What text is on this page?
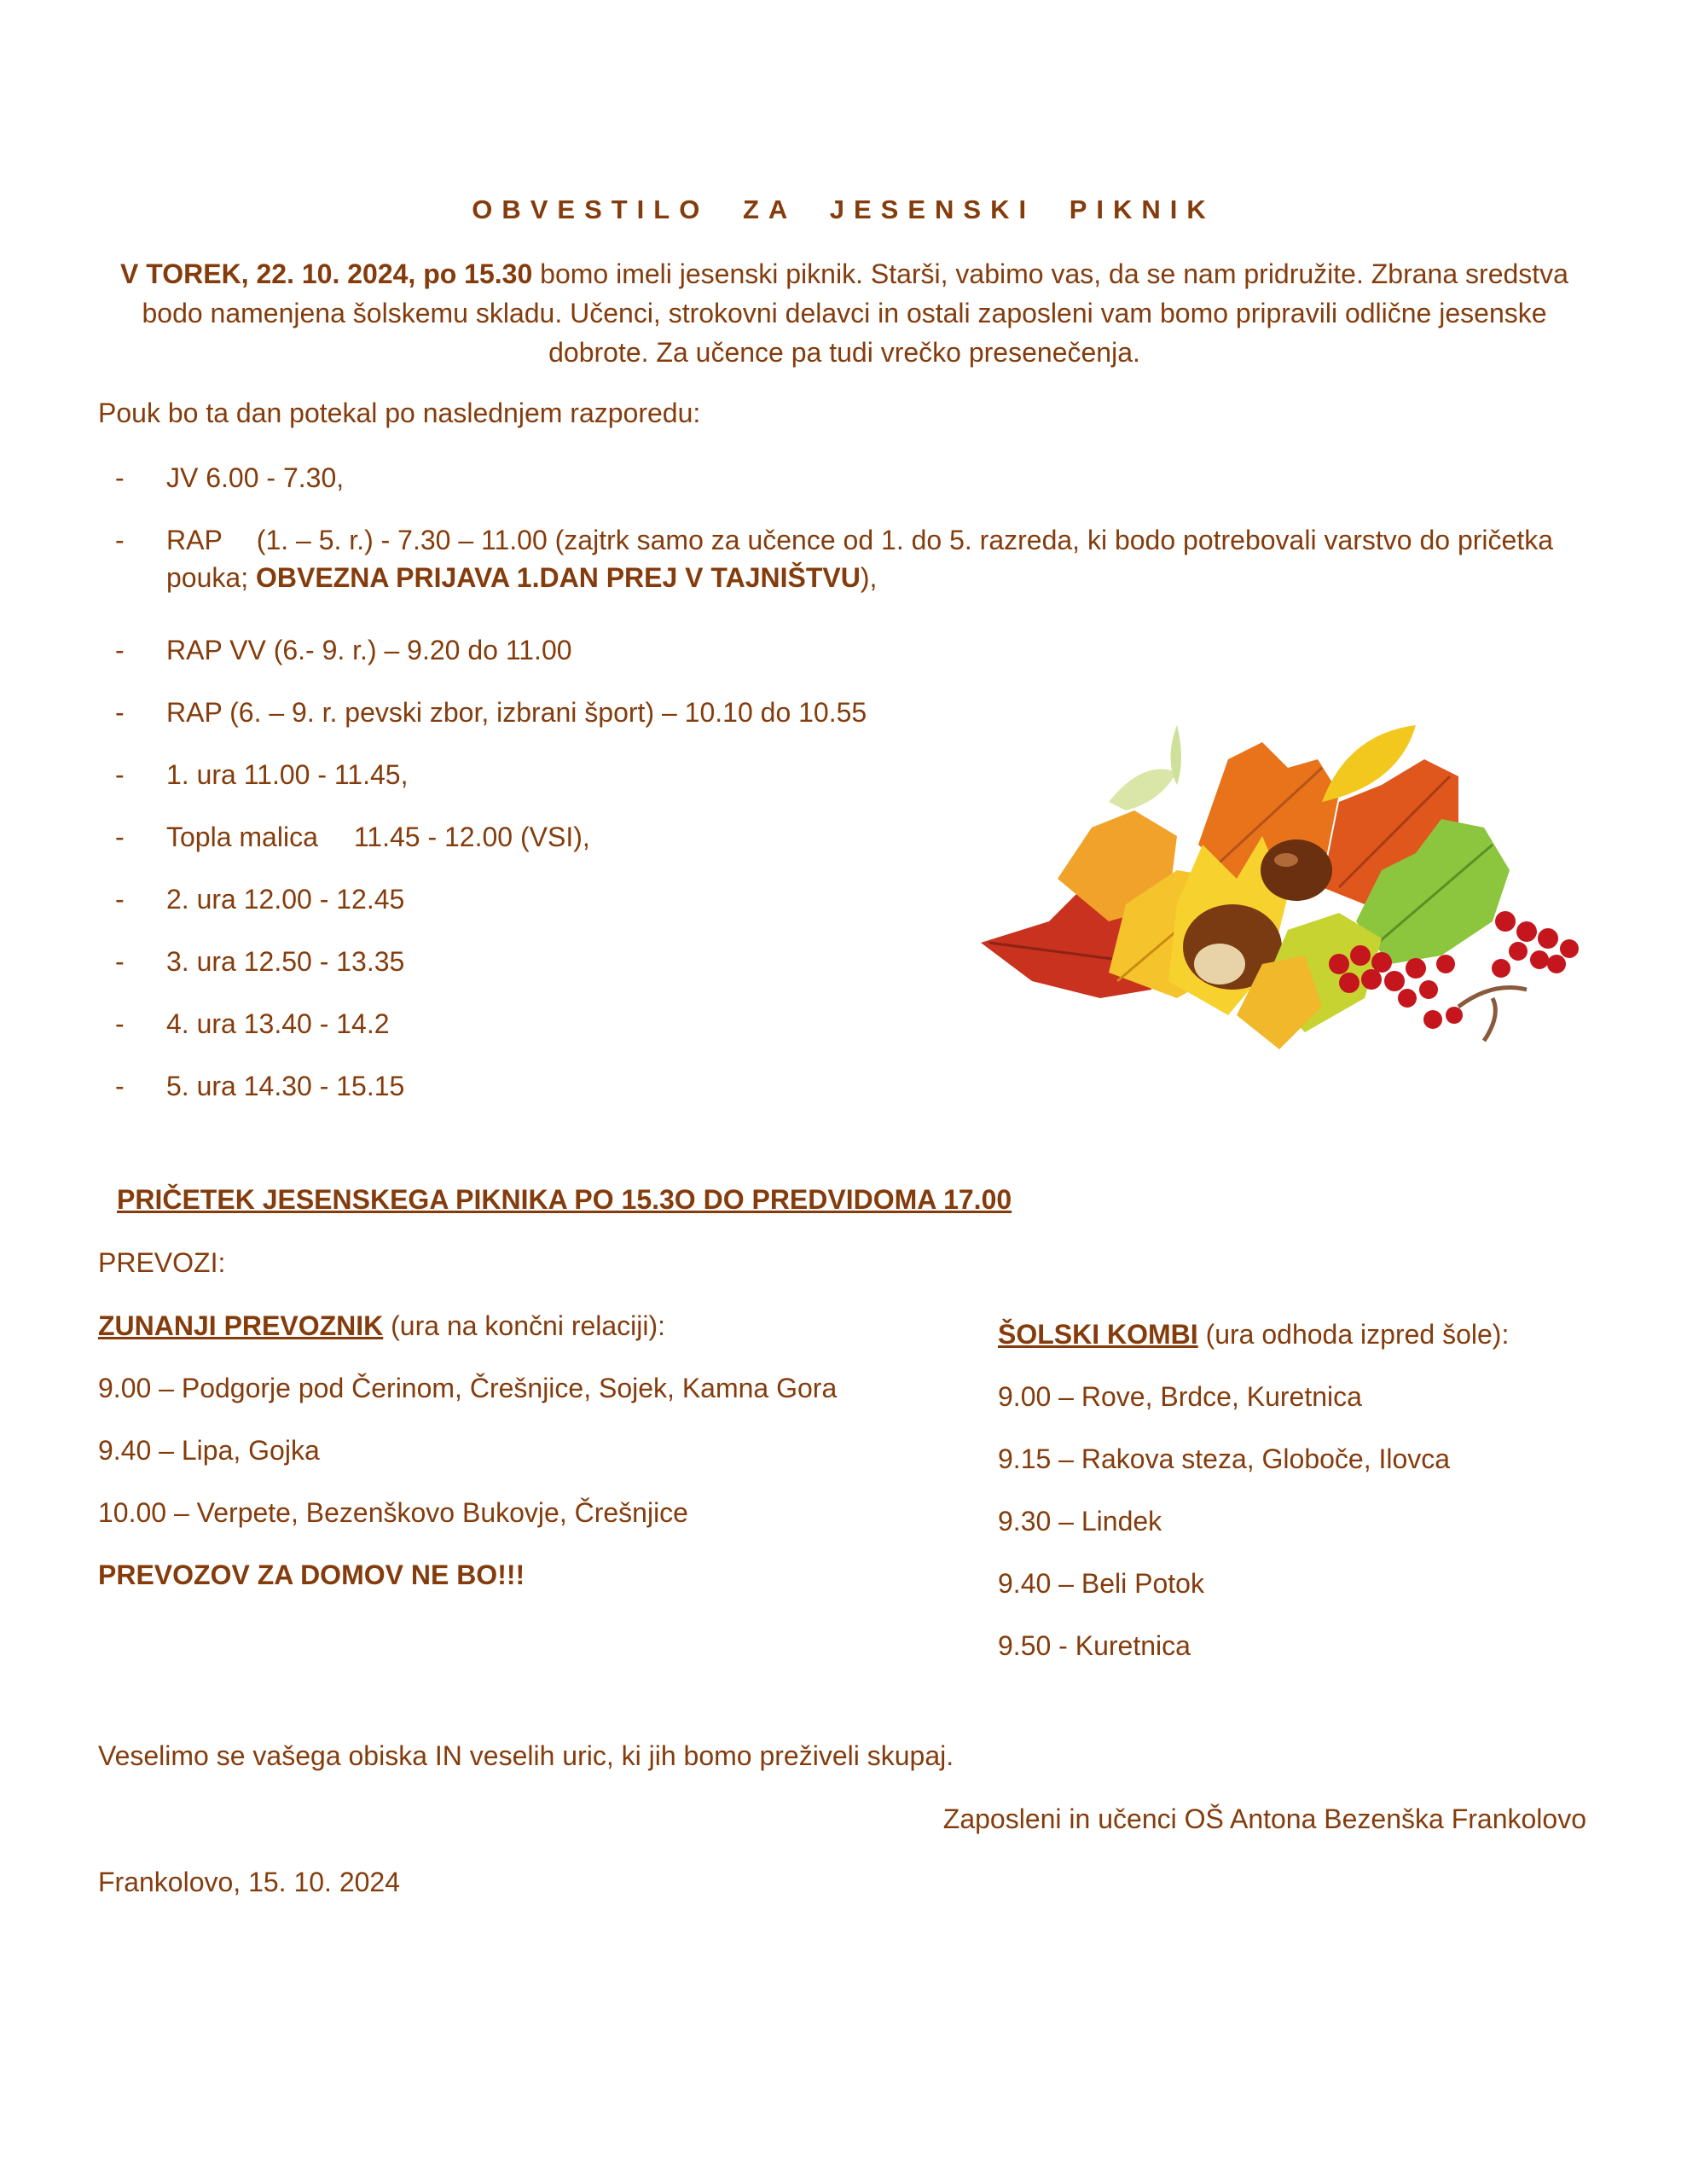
OBVESTILO ZA JESENSKI PIKNIK
V TOREK, 22. 10. 2024, po 15.30 bomo imeli jesenski piknik. Starši, vabimo vas, da se nam pridružite. Zbrana sredstva bodo namenjena šolskemu skladu. Učenci, strokovni delavci in ostali zaposleni vam bomo pripravili odlične jesenske dobrote. Za učence pa tudi vrečko presenečenja.
Pouk bo ta dan potekal po naslednjem razporedu:
- JV 6.00 - 7.30,
- RAP (1. – 5. r.) - 7.30 – 11.00 (zajtrk samo za učence od 1. do 5. razreda, ki bodo potrebovali varstvo do pričetka pouka; OBVEZNA PRIJAVA 1.DAN PREJ V TAJNIŠTVU),
- RAP VV (6.- 9. r.) – 9.20 do 11.00
- RAP (6. – 9. r. pevski zbor, izbrani šport) – 10.10 do 10.55
- 1. ura 11.00 - 11.45,
- Topla malica 11.45 - 12.00 (VSI),
- 2. ura 12.00 - 12.45
- 3. ura 12.50 - 13.35
- 4. ura 13.40 - 14.2
- 5. ura 14.30 - 15.15
PRIČETEK JESENSKEGA PIKNIKA PO 15.3O DO PREDVIDOMA 17.00
PREVOZI:
ZUNANJI PREVOZNIK (ura na končni relaciji):
9.00 – Podgorje pod Čerinom, Črešnjice, Sojek, Kamna Gora
9.40 – Lipa, Gojka
10.00 – Verpete, Bezenškovo Bukovje, Črešnjice
PREVOZOV ZA DOMOV NE BO!!!
ŠOLSKI KOMBI (ura odhoda izpred šole):
9.00 – Rove, Brdce, Kuretnica
9.15 – Rakova steza, Globoče, Ilovca
9.30 – Lindek
9.40 – Beli Potok
9.50 - Kuretnica
Veselimo se vašega obiska IN veselih uric, ki jih bomo preživeli skupaj.
Zaposleni in učenci OŠ Antona Bezenška Frankolovo
Frankolovo, 15. 10. 2024
